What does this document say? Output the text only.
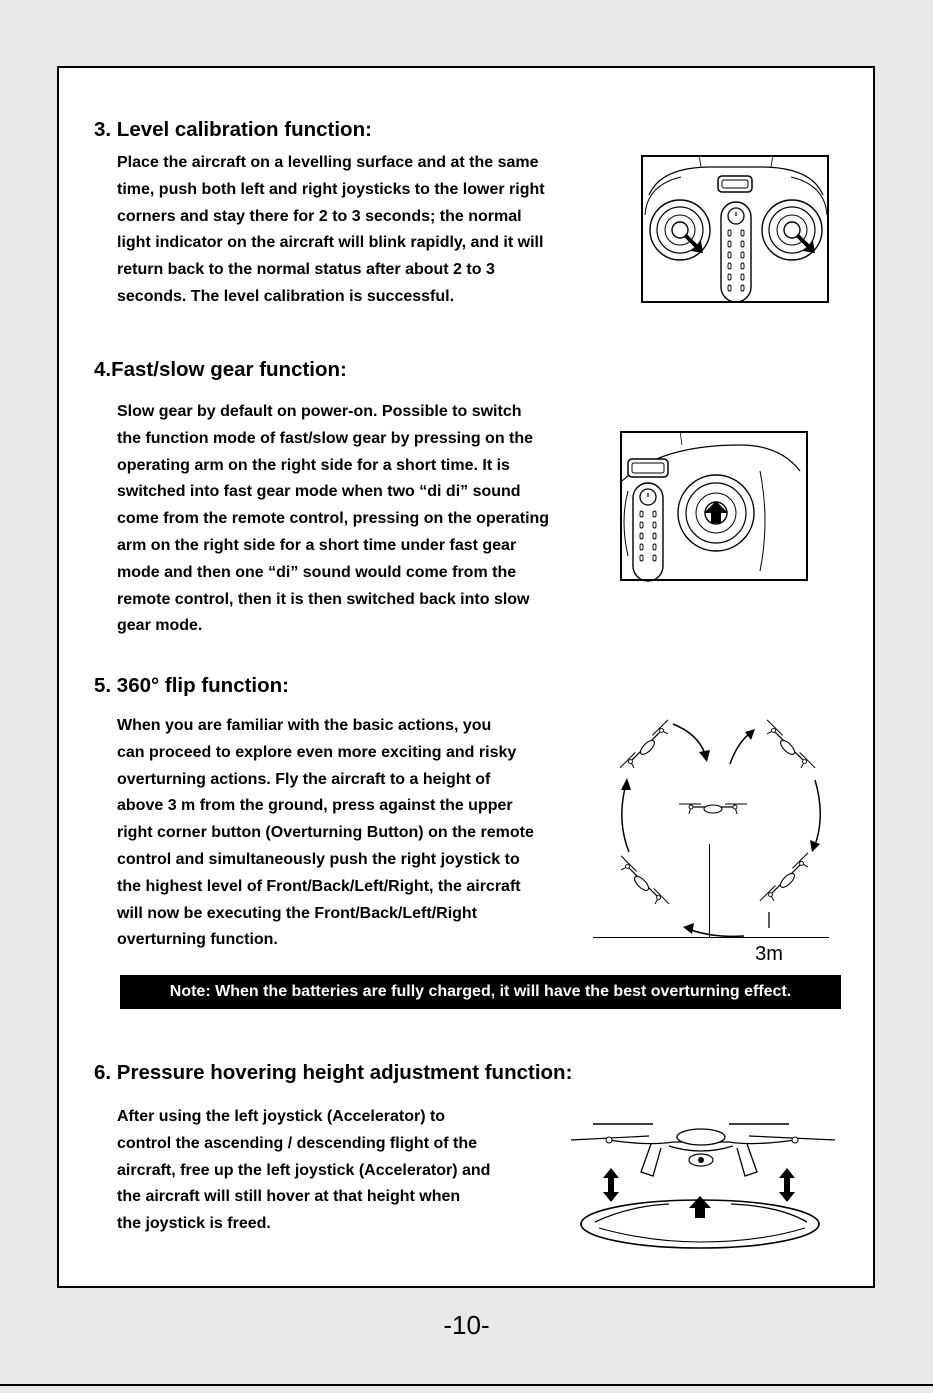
3. Level calibration function:
Place the aircraft on a levelling surface and at the same
time, push both left and right joysticks to the lower right
corners and stay there for 2 to 3 seconds; the normal
light indicator on the aircraft will blink rapidly, and it will
return back to the normal status after about 2 to 3
seconds. The level calibration is successful.
4.Fast/slow gear function:
Slow gear by default on power-on. Possible to switch
the function mode of fast/slow gear by pressing on the
operating arm on the right side for a short time. It is
switched into fast gear mode when two “di di” sound
come from the remote control, pressing on the operating
arm on the right side for a short time under fast gear
mode and then one “di” sound would come from the
remote control, then it is then switched back into slow
gear mode.
5. 360° flip function:
When you are familiar with the basic actions, you
can proceed to explore even more exciting and risky
overturning actions. Fly the aircraft to a height of
above 3 m from the ground, press against the upper
right corner button (Overturning Button) on the remote
control and simultaneously push the right joystick to
the highest level of Front/Back/Left/Right, the aircraft
will now be executing the Front/Back/Left/Right
overturning function.
3m
Note: When the batteries are fully charged, it will have the best overturning effect.
6. Pressure hovering height adjustment function:
After using the left joystick (Accelerator) to
control the ascending / descending flight of the
aircraft, free up the left joystick (Accelerator) and
the aircraft will still hover at that height when
the joystick is freed.
-10-
